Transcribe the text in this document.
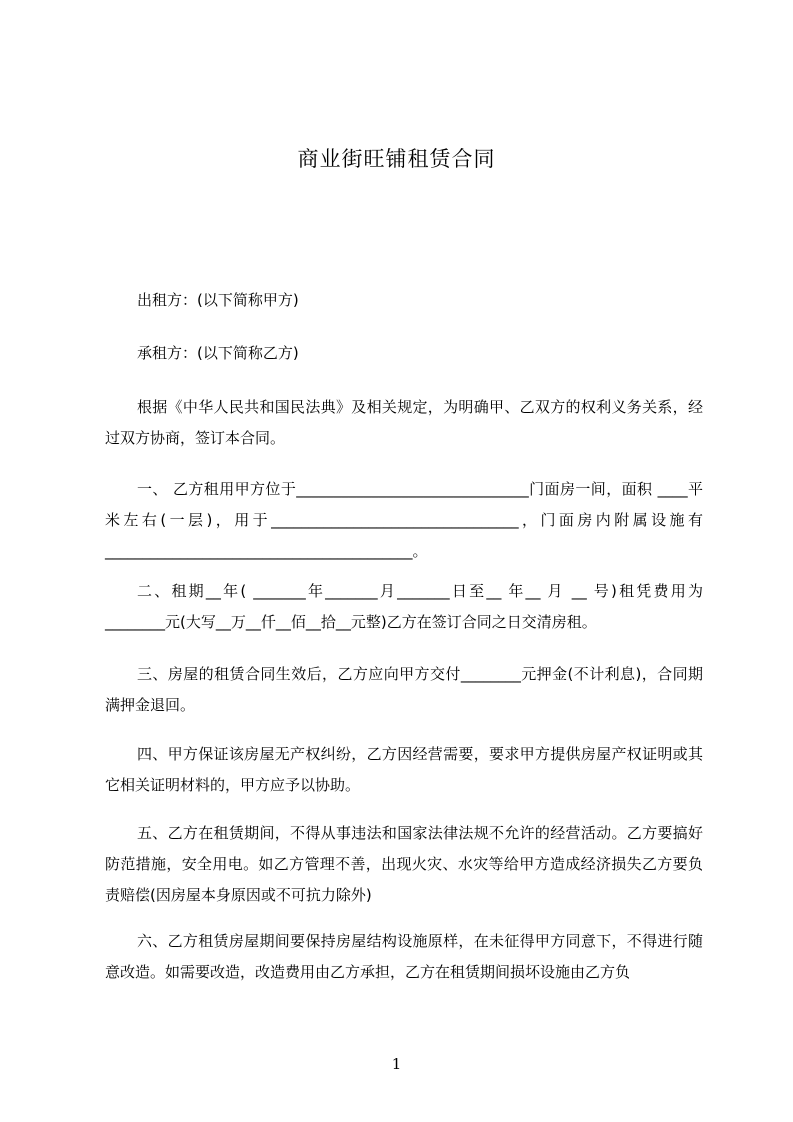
商业街旺铺租赁合同
出租方：(以下简称甲方)
承租方：(以下简称乙方)
根据《中华人民共和国民法典》及相关规定，为明确甲、乙双方的权利义务关系，经过双方协商，签订本合同。
一、 乙方租用甲方位于_______________________________门面房一间，面积 ____平米左右(一层)，用于_________________________________，门面房内附属设施有_________________________________________。
二、租期__年( _______年_______月_______日至__ 年__ 月 __ 号)租凭费用为________元(大写__万__仟__佰__拾__元整)乙方在签订合同之日交清房租。
三、房屋的租赁合同生效后，乙方应向甲方交付________元押金(不计利息)，合同期满押金退回。
四、甲方保证该房屋无产权纠纷，乙方因经营需要，要求甲方提供房屋产权证明或其它相关证明材料的，甲方应予以协助。
五、乙方在租赁期间，不得从事违法和国家法律法规不允许的经营活动。乙方要搞好防范措施，安全用电。如乙方管理不善，出现火灾、水灾等给甲方造成经济损失乙方要负责赔偿(因房屋本身原因或不可抗力除外)
六、乙方租赁房屋期间要保持房屋结构设施原样，在未征得甲方同意下，不得进行随意改造。如需要改造，改造费用由乙方承担，乙方在租赁期间损坏设施由乙方负
1
